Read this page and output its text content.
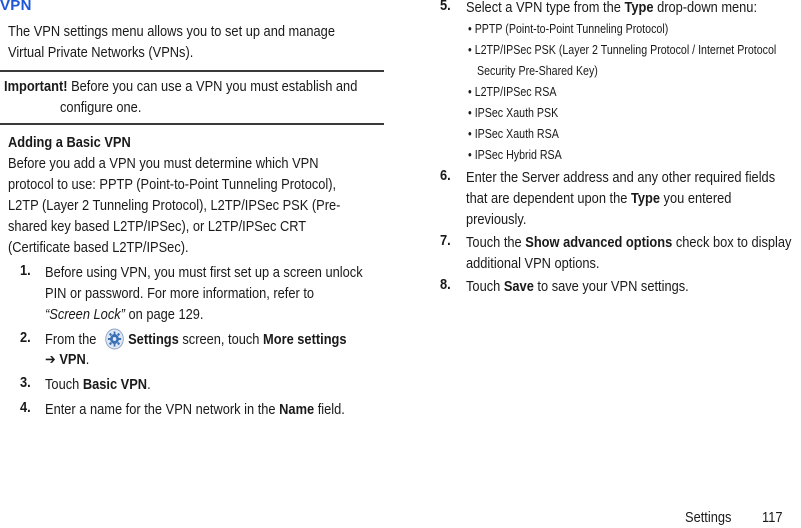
VPN
The VPN settings menu allows you to set up and manage
Virtual Private Networks (VPNs).
Important! Before you can use a VPN you must establish and
configure one.
Adding a Basic VPN
Before you add a VPN you must determine which VPN
protocol to use: PPTP (Point-to-Point Tunneling Protocol),
L2TP (Layer 2 Tunneling Protocol), L2TP/IPSec PSK (Pre-
shared key based L2TP/IPSec), or L2TP/IPSec CRT
(Certificate based L2TP/IPSec).
1. Before using VPN, you must first set up a screen unlock
PIN or password. For more information, refer to
“Screen Lock” on page 129.
2. From the Settings screen, touch More settings
➔ VPN.
3. Touch Basic VPN.
4. Enter a name for the VPN network in the Name field.
5. Select a VPN type from the Type drop-down menu:
• PPTP (Point-to-Point Tunneling Protocol)
• L2TP/IPSec PSK (Layer 2 Tunneling Protocol / Internet Protocol
Security Pre-Shared Key)
• L2TP/IPSec RSA
• IPSec Xauth PSK
• IPSec Xauth RSA
• IPSec Hybrid RSA
6. Enter the Server address and any other required fields
that are dependent upon the Type you entered
previously.
7. Touch the Show advanced options check box to display
additional VPN options.
8. Touch Save to save your VPN settings.
Settings 117
